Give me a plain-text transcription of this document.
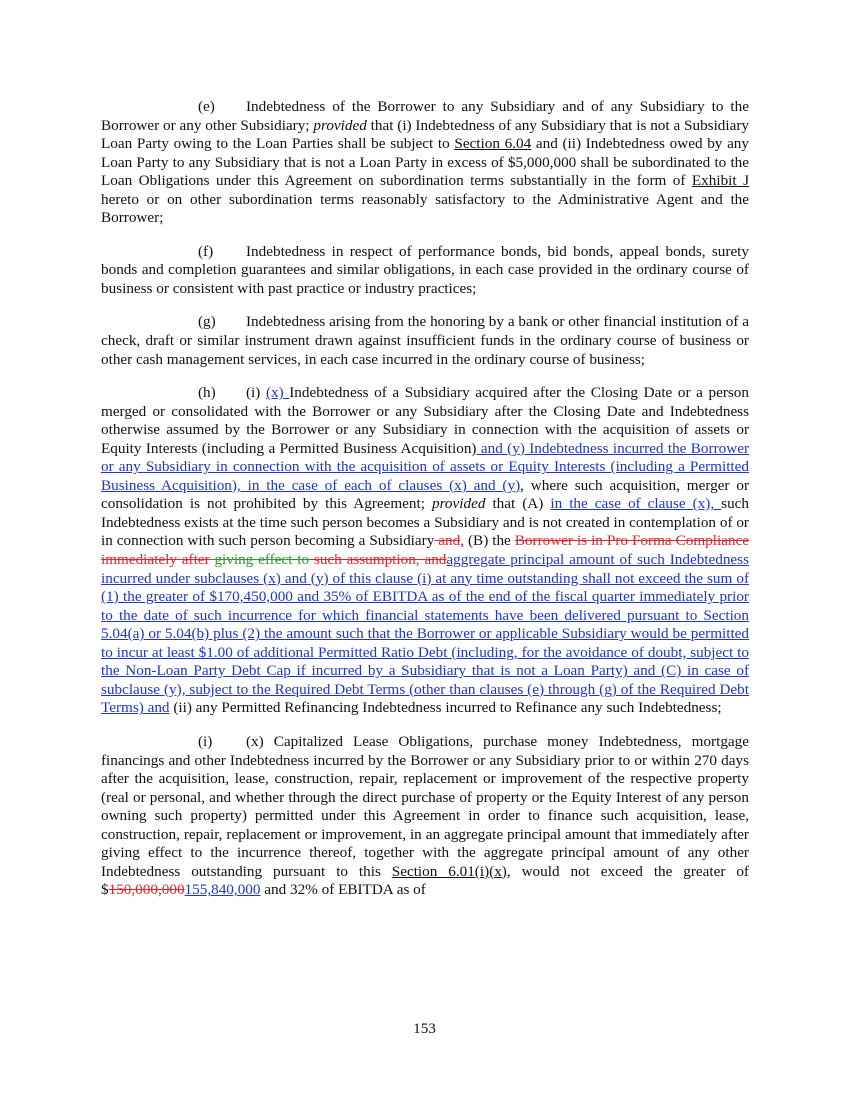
(e) Indebtedness of the Borrower to any Subsidiary and of any Subsidiary to the Borrower or any other Subsidiary; provided that (i) Indebtedness of any Subsidiary that is not a Subsidiary Loan Party owing to the Loan Parties shall be subject to Section 6.04 and (ii) Indebtedness owed by any Loan Party to any Subsidiary that is not a Loan Party in excess of $5,000,000 shall be subordinated to the Loan Obligations under this Agreement on subordination terms substantially in the form of Exhibit J hereto or on other subordination terms reasonably satisfactory to the Administrative Agent and the Borrower;

(f) Indebtedness in respect of performance bonds, bid bonds, appeal bonds, surety bonds and completion guarantees and similar obligations, in each case provided in the ordinary course of business or consistent with past practice or industry practices;

(g) Indebtedness arising from the honoring by a bank or other financial institution of a check, draft or similar instrument drawn against insufficient funds in the ordinary course of business or other cash management services, in each case incurred in the ordinary course of business;

(h) (i) (x) Indebtedness of a Subsidiary acquired after the Closing Date or a person merged or consolidated with the Borrower or any Subsidiary after the Closing Date and Indebtedness otherwise assumed by the Borrower or any Subsidiary in connection with the acquisition of assets or Equity Interests (including a Permitted Business Acquisition) and (y) Indebtedness incurred the Borrower or any Subsidiary in connection with the acquisition of assets or Equity Interests (including a Permitted Business Acquisition), in the case of each of clauses (x) and (y), where such acquisition, merger or consolidation is not prohibited by this Agreement; provided that (A) in the case of clause (x), such Indebtedness exists at the time such person becomes a Subsidiary and is not created in contemplation of or in connection with such person becoming a Subsidiary and, (B) the Borrower is in Pro Forma Compliance immediately after giving effect to such assumption, andaggregate principal amount of such Indebtedness incurred under subclauses (x) and (y) of this clause (i) at any time outstanding shall not exceed the sum of (1) the greater of $170,450,000 and 35% of EBITDA as of the end of the fiscal quarter immediately prior to the date of such incurrence for which financial statements have been delivered pursuant to Section 5.04(a) or 5.04(b) plus (2) the amount such that the Borrower or applicable Subsidiary would be permitted to incur at least $1.00 of additional Permitted Ratio Debt (including, for the avoidance of doubt, subject to the Non-Loan Party Debt Cap if incurred by a Subsidiary that is not a Loan Party) and (C) in case of subclause (y), subject to the Required Debt Terms (other than clauses (e) through (g) of the Required Debt Terms) and (ii) any Permitted Refinancing Indebtedness incurred to Refinance any such Indebtedness;

(i) (x) Capitalized Lease Obligations, purchase money Indebtedness, mortgage financings and other Indebtedness incurred by the Borrower or any Subsidiary prior to or within 270 days after the acquisition, lease, construction, repair, replacement or improvement of the respective property (real or personal, and whether through the direct purchase of property or the Equity Interest of any person owning such property) permitted under this Agreement in order to finance such acquisition, lease, construction, repair, replacement or improvement, in an aggregate principal amount that immediately after giving effect to the incurrence thereof, together with the aggregate principal amount of any other Indebtedness outstanding pursuant to this Section 6.01(i)(x), would not exceed the greater of $150,000,000155,840,000 and 32% of EBITDA as of

153
